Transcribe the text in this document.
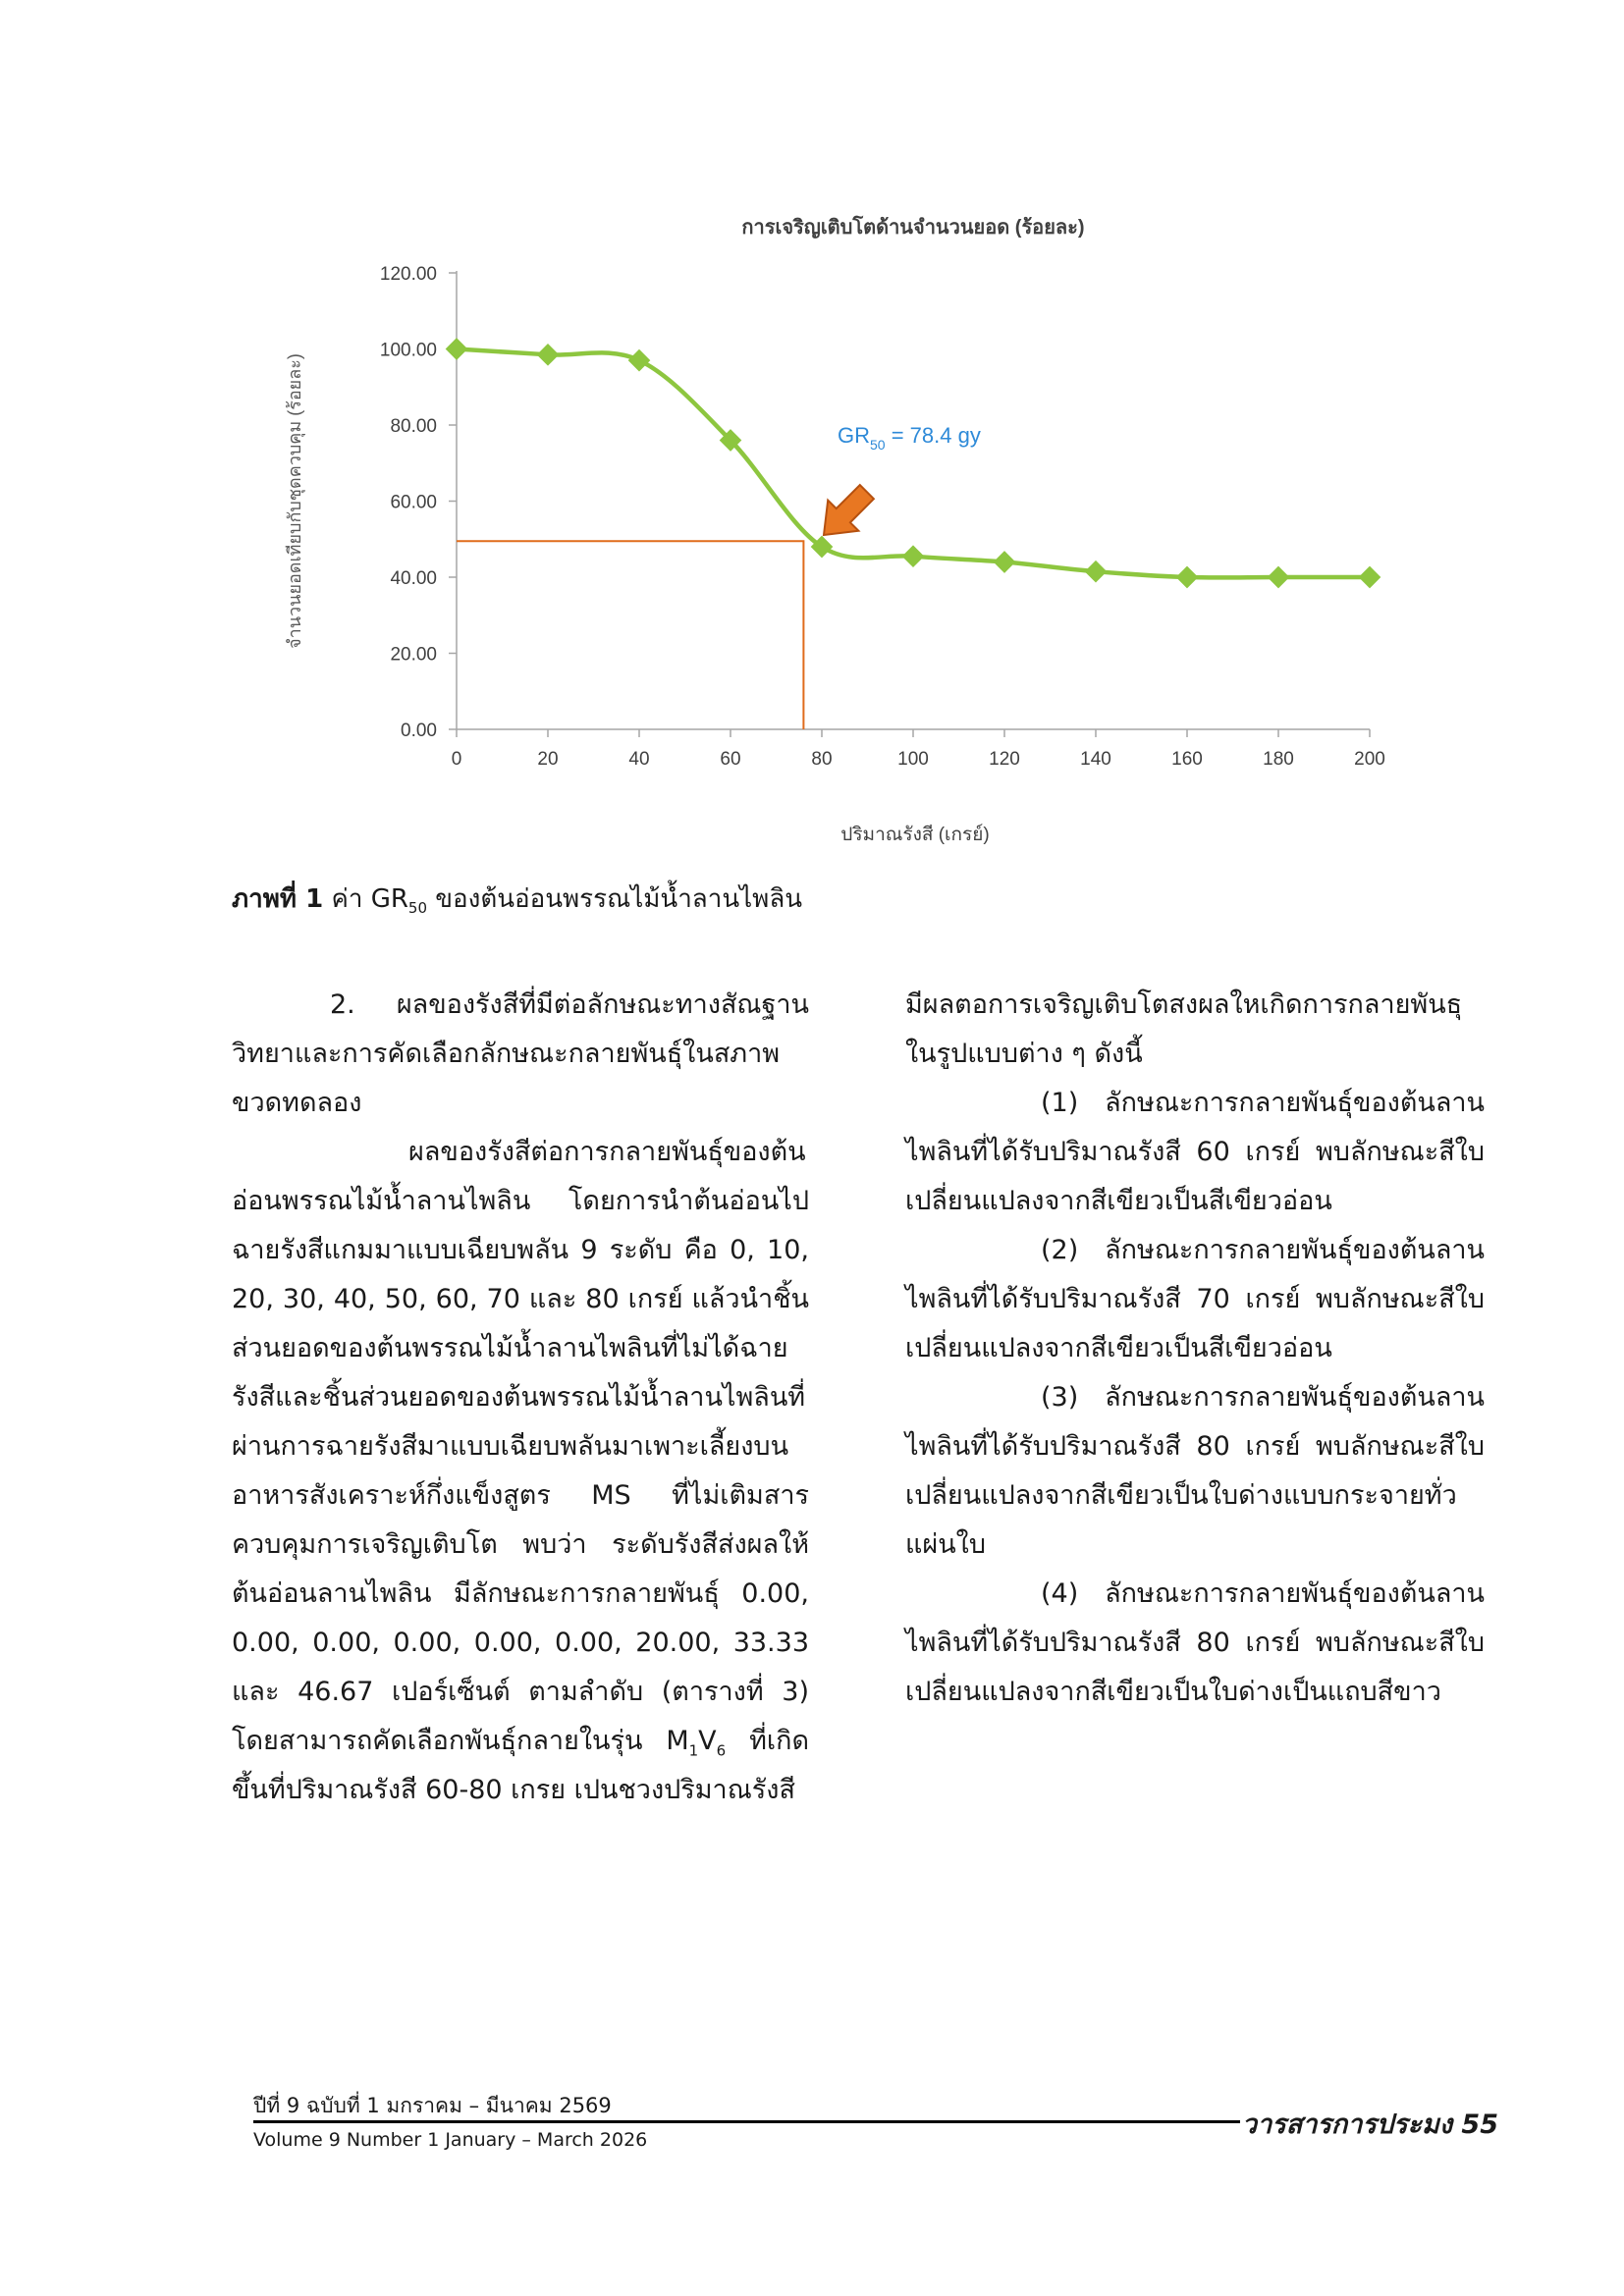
การเจริญเติบโตด้านจำนวนยอด (ร้อยละ)
0.00
20.00
40.00
60.00
80.00
100.00
120.00
0	20	40	60	80	100	120	140	160	180	200
จำนวนยอดเทียบกับชุดควบคุม (ร้อยละ)
ปริมาณรังสี (เกรย์)
$GR_{50} = 78.4$ gy
ภาพที่ 1 ค่า $GR_{50}$ ของต้นอ่อนพรรณไม้น้ำลานไพลิน

2. ผลของรังสีที่มีต่อลักษณะทางสัณฐานวิทยาและการคัดเลือกลักษณะกลายพันธุ์ในสภาพขวดทดลอง

ผลของรังสีต่อการกลายพันธุ์ของต้นอ่อนพรรณไม้น้ำลานไพลิน โดยการนำต้นอ่อนไปฉายรังสีแกมมาแบบเฉียบพลัน 9 ระดับ คือ 0, 10, 20, 30, 40, 50, 60, 70 และ 80 เกรย์ แล้วนำชิ้นส่วนยอดของต้นพรรณไม้น้ำลานไพลินที่ไม่ได้ฉายรังสีและชิ้นส่วนยอดของต้นพรรณไม้น้ำลานไพลินที่ผ่านการฉายรังสีมาแบบเฉียบพลันมาเพาะเลี้ยงบนอาหารสังเคราะห์กึ่งแข็งสูตร MS ที่ไม่เติมสารควบคุมการเจริญเติบโต พบว่า ระดับรังสีส่งผลให้ต้นอ่อนลานไพลิน มีลักษณะการกลายพันธุ์ 0.00, 0.00, 0.00, 0.00, 0.00, 0.00, 20.00, 33.33 และ 46.67 เปอร์เซ็นต์ ตามลำดับ (ตารางที่ 3) โดยสามารถคัดเลือกพันธุ์กลายในรุ่น $M_1V_6$ ที่เกิดขึ้นที่ปริมาณรังสี 60-80 เกรย เปนชวงปริมาณรังสี

มีผลตอการเจริญเติบโตสงผลใหเกิดการกลายพันธุในรูปแบบต่าง ๆ ดังนี้

(1) ลักษณะการกลายพันธุ์ของต้นลานไพลินที่ได้รับปริมาณรังสี 60 เกรย์ พบลักษณะสีใบเปลี่ยนแปลงจากสีเขียวเป็นสีเขียวอ่อน

(2) ลักษณะการกลายพันธุ์ของต้นลานไพลินที่ได้รับปริมาณรังสี 70 เกรย์ พบลักษณะสีใบเปลี่ยนแปลงจากสีเขียวเป็นสีเขียวอ่อน

(3) ลักษณะการกลายพันธุ์ของต้นลานไพลินที่ได้รับปริมาณรังสี 80 เกรย์ พบลักษณะสีใบเปลี่ยนแปลงจากสีเขียวเป็นใบด่างแบบกระจายทั่วแผ่นใบ

(4) ลักษณะการกลายพันธุ์ของต้นลานไพลินที่ได้รับปริมาณรังสี 80 เกรย์ พบลักษณะสีใบเปลี่ยนแปลงจากสีเขียวเป็นใบด่างเป็นแถบสีขาว

ปีที่ 9 ฉบับที่ 1 มกราคม – มีนาคม 2569
วารสารการประมง 55
Volume 9 Number 1 January – March 2026
